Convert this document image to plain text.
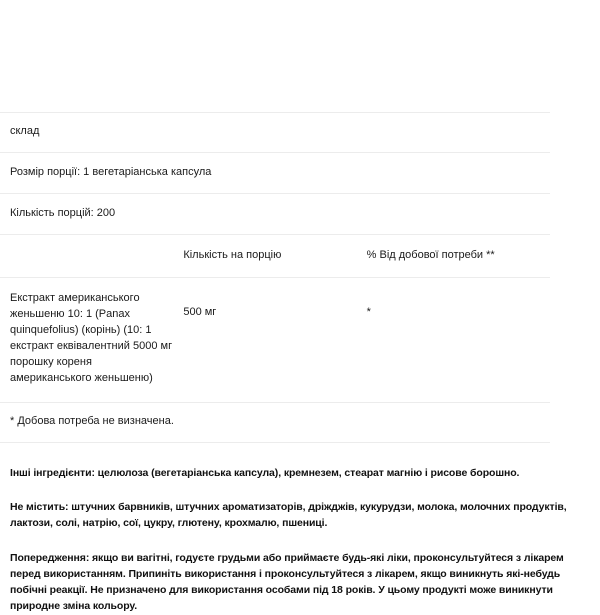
склад		
Розмір порції: 1 вегетаріанська капсула		
Кількість порцій: 200		
	Кількість на порцію	% Від добової потреби **
Екстракт американського женьшеню 10: 1 (Panax quinquefolius) (корінь) (10: 1 екстракт еквівалентний 5000 мг порошку кореня американського женьшеню)	500 мг	*
* Добова потреба не визначена.		

Інші інгредієнти: целюлоза (вегетаріанська капсула), кремнезем, стеарат магнію і рисове борошно.

Не містить: штучних барвників, штучних ароматизаторів, дріжджів, кукурудзи, молока, молочних продуктів, лактози, солі, натрію, сої, цукру, глютену, крохмалю, пшениці.

Попередження: якщо ви вагітні, годуєте грудьми або приймаєте будь-які ліки, проконсультуйтеся з лікарем перед використанням. Припиніть використання і проконсультуйтеся з лікарем, якщо виникнуть які-небудь побічні реакції. Не призначено для використання особами під 18 років. У цьому продукті може виникнути природне зміна кольору.
